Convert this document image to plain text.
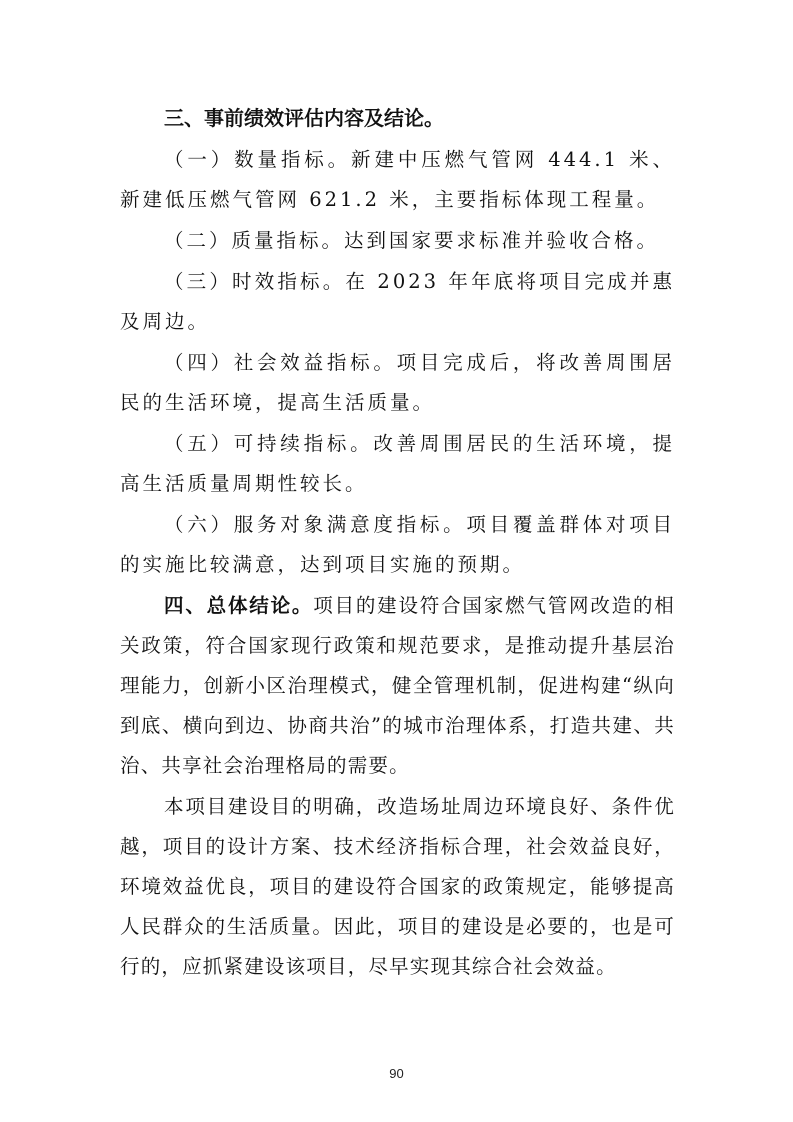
三、事前绩效评估内容及结论。

（一）数量指标。新建中压燃气管网 444.1 米、新建低压燃气管网 621.2 米，主要指标体现工程量。

（二）质量指标。达到国家要求标准并验收合格。

（三）时效指标。在 2023 年年底将项目完成并惠及周边。

（四）社会效益指标。项目完成后，将改善周围居民的生活环境，提高生活质量。

（五）可持续指标。改善周围居民的生活环境，提高生活质量周期性较长。

（六）服务对象满意度指标。项目覆盖群体对项目的实施比较满意，达到项目实施的预期。

四、总体结论。项目的建设符合国家燃气管网改造的相关政策，符合国家现行政策和规范要求，是推动提升基层治理能力，创新小区治理模式，健全管理机制，促进构建“纵向到底、横向到边、协商共治”的城市治理体系，打造共建、共治、共享社会治理格局的需要。

本项目建设目的明确，改造场址周边环境良好、条件优越，项目的设计方案、技术经济指标合理，社会效益良好，环境效益优良，项目的建设符合国家的政策规定，能够提高人民群众的生活质量。因此，项目的建设是必要的，也是可行的，应抓紧建设该项目，尽早实现其综合社会效益。

90
